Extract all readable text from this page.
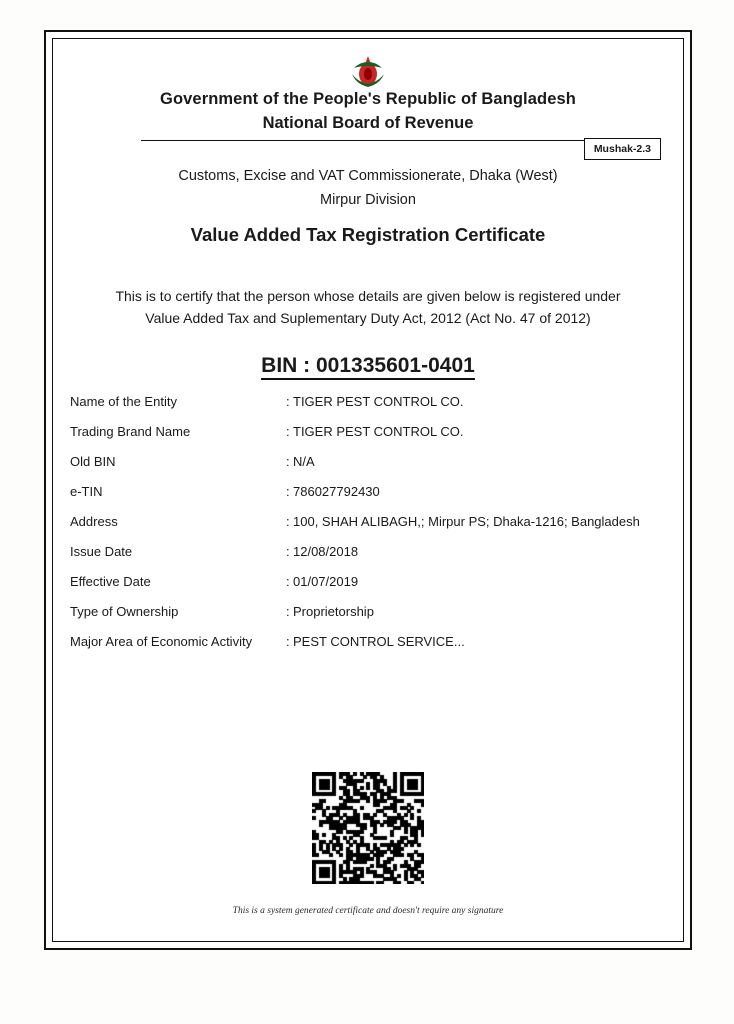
Government of the People's Republic of Bangladesh
National Board of Revenue
Mushak-2.3
Customs, Excise and VAT Commissionerate, Dhaka (West)
Mirpur Division
Value Added Tax Registration Certificate
This is to certify that the person whose details are given below is registered under
Value Added Tax and Suplementary Duty Act, 2012 (Act No. 47 of 2012)
BIN : 001335601-0401
Name of the Entity	: TIGER PEST CONTROL CO.
Trading Brand Name	: TIGER PEST CONTROL CO.
Old BIN	: N/A
e-TIN	: 786027792430
Address	: 100, SHAH ALIBAGH,; Mirpur PS; Dhaka-1216; Bangladesh
Issue Date	: 12/08/2018
Effective Date	: 01/07/2019
Type of Ownership	: Proprietorship
Major Area of Economic Activity	: PEST CONTROL SERVICE...
This is a system generated certificate and doesn't require any signature
